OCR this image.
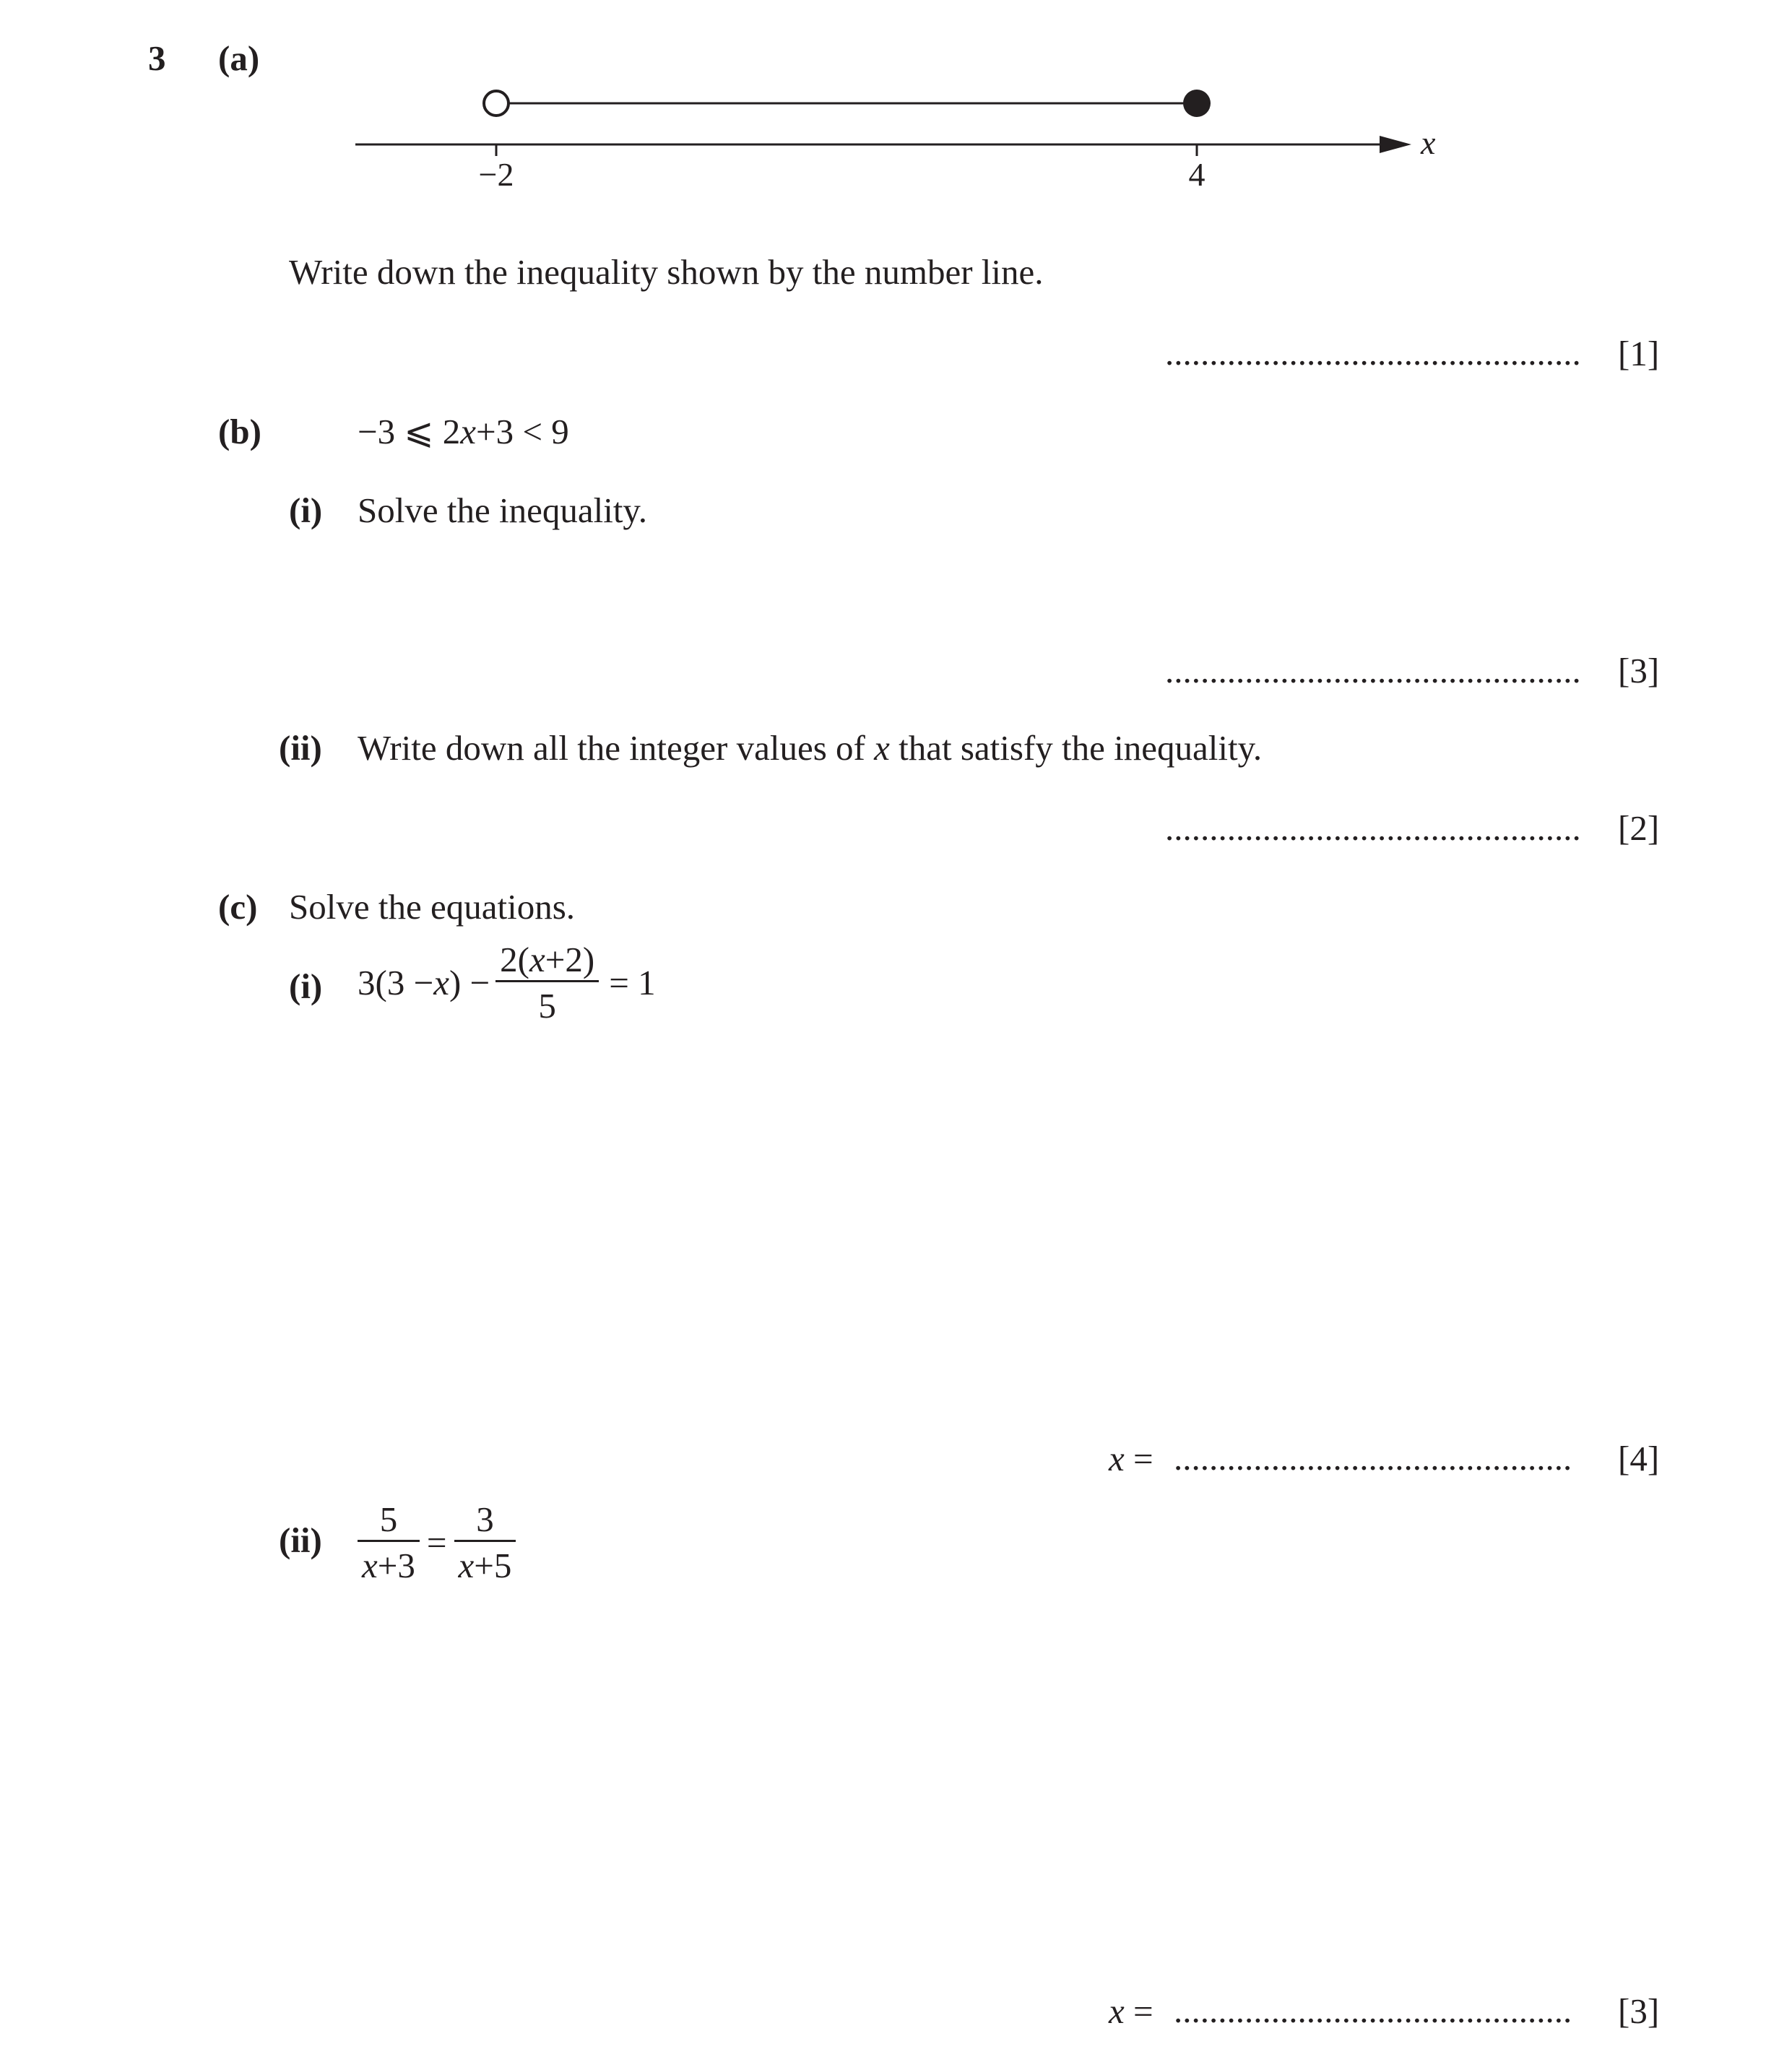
3 (a)
−2	4
x
Write down the inequality shown by the number line.
............................................... [1]
(b)	−3 ⩽ 2x+3 < 9
(i) Solve the inequality.
............................................... [3]
(ii) Write down all the integer values of x that satisfy the inequality.
............................................... [2]
(c) Solve the equations.
(i) 3(3 − x ) − $\frac{2(x+2)}{5} = 1$
x = ............................................. [4]
$(ii) \frac{5}{x+3} = \frac{3}{x+5}$
x = ............................................. [3]
